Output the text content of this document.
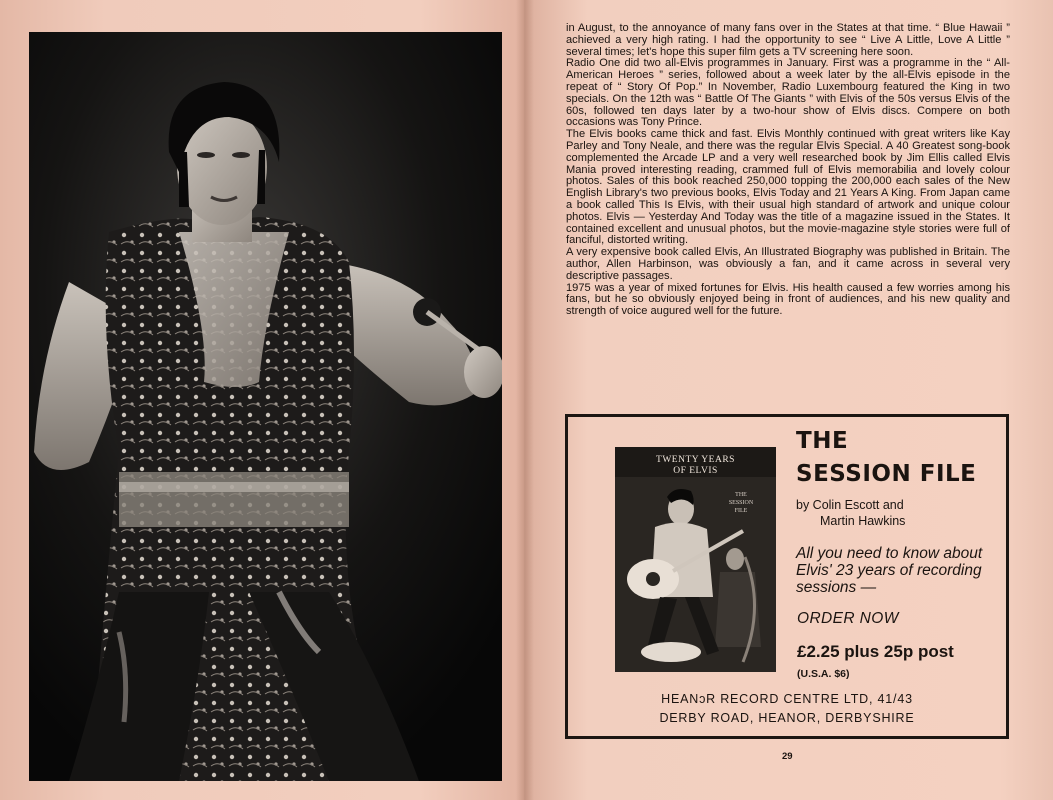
in August, to the annoyance of many fans over in the States at that time. “ Blue Hawaii ” achieved a very high rating. I had the opportunity to see “ Live A Little, Love A Little ” several times; let's hope this super film gets a TV screening here soon.

Radio One did two all-Elvis programmes in January. First was a programme in the “ All-American Heroes ” series, followed about a week later by the all-Elvis episode in the repeat of “ Story Of Pop.” In November, Radio Luxembourg featured the King in two specials. On the 12th was “ Battle Of The Giants ” with Elvis of the 50s versus Elvis of the 60s, followed ten days later by a two-hour show of Elvis discs. Compere on both occasions was Tony Prince.

The Elvis books came thick and fast. Elvis Monthly continued with great writers like Kay Parley and Tony Neale, and there was the regular Elvis Special. A 40 Greatest song-book complemented the Arcade LP and a very well researched book by Jim Ellis called Elvis Mania proved interesting reading, crammed full of Elvis memorabilia and lovely colour photos. Sales of this book reached 250,000 topping the 200,000 each sales of the New English Library's two previous books, Elvis Today and 21 Years A King. From Japan came a book called This Is Elvis, with their usual high standard of artwork and unique colour photos. Elvis — Yesterday And Today was the title of a magazine issued in the States. It contained excellent and unusual photos, but the movie-magazine style stories were full of fanciful, distorted writing.

A very expensive book called Elvis, An Illustrated Biography was published in Britain. The author, Allen Harbinson, was obviously a fan, and it came across in several very descriptive passages.

1975 was a year of mixed fortunes for Elvis. His health caused a few worries among his fans, but he so obviously enjoyed being in front of audiences, and his new quality and strength of voice augured well for the future.

TWENTY YEARS
OF ELVIS
THE
SESSION
FILE
THE
SESSION FILE
by Colin Escott and
Martin Hawkins
All you need to know about Elvis' 23 years of recording sessions —
ORDER NOW
£2.25 plus 25p post
(U.S.A. $6)
HEANɔR RECORD CENTRE LTD, 41/43
DERBY ROAD, HEANOR, DERBYSHIRE
29
